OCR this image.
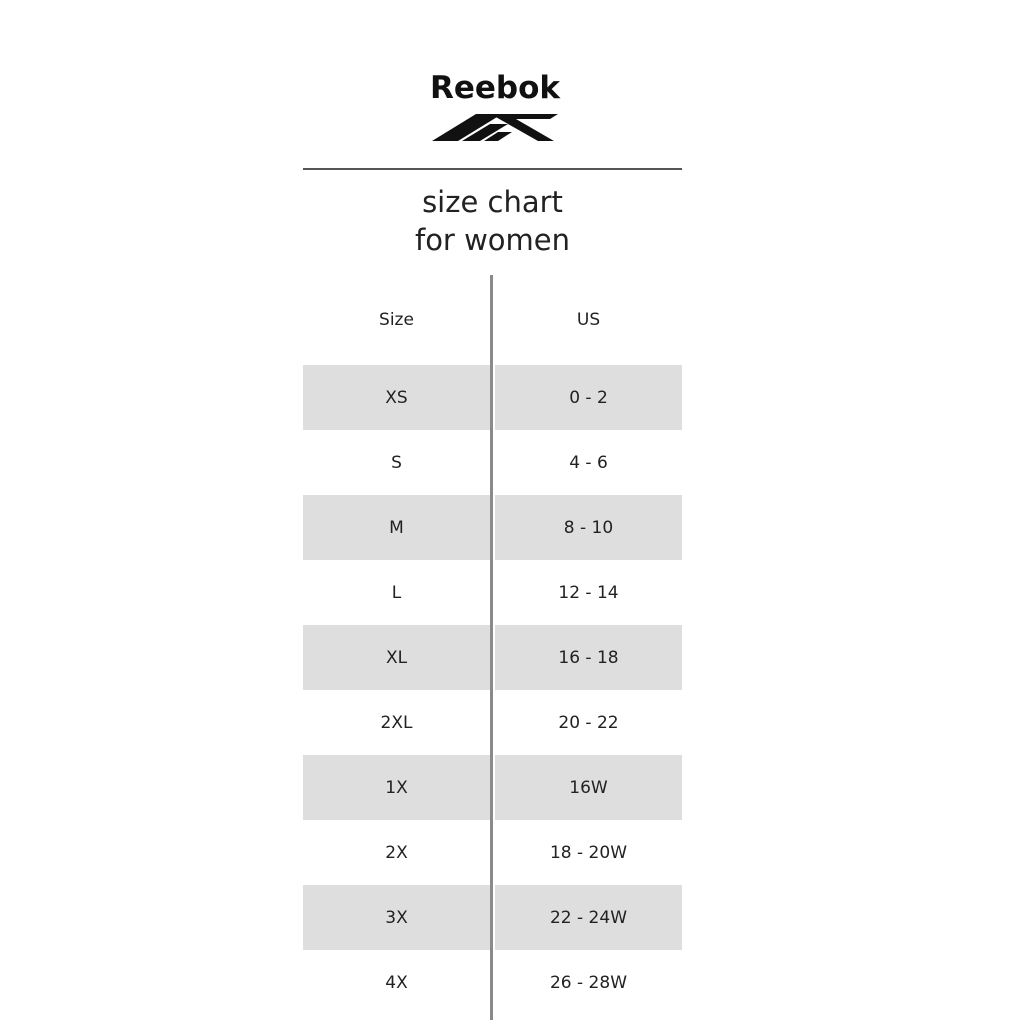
Reebok
size chart
for women
Size	US
XS	0 - 2
S	4 - 6
M	8 - 10
L	12 - 14
XL	16 - 18
2XL	20 - 22
1X	16W
2X	18 - 20W
3X	22 - 24W
4X	26 - 28W
